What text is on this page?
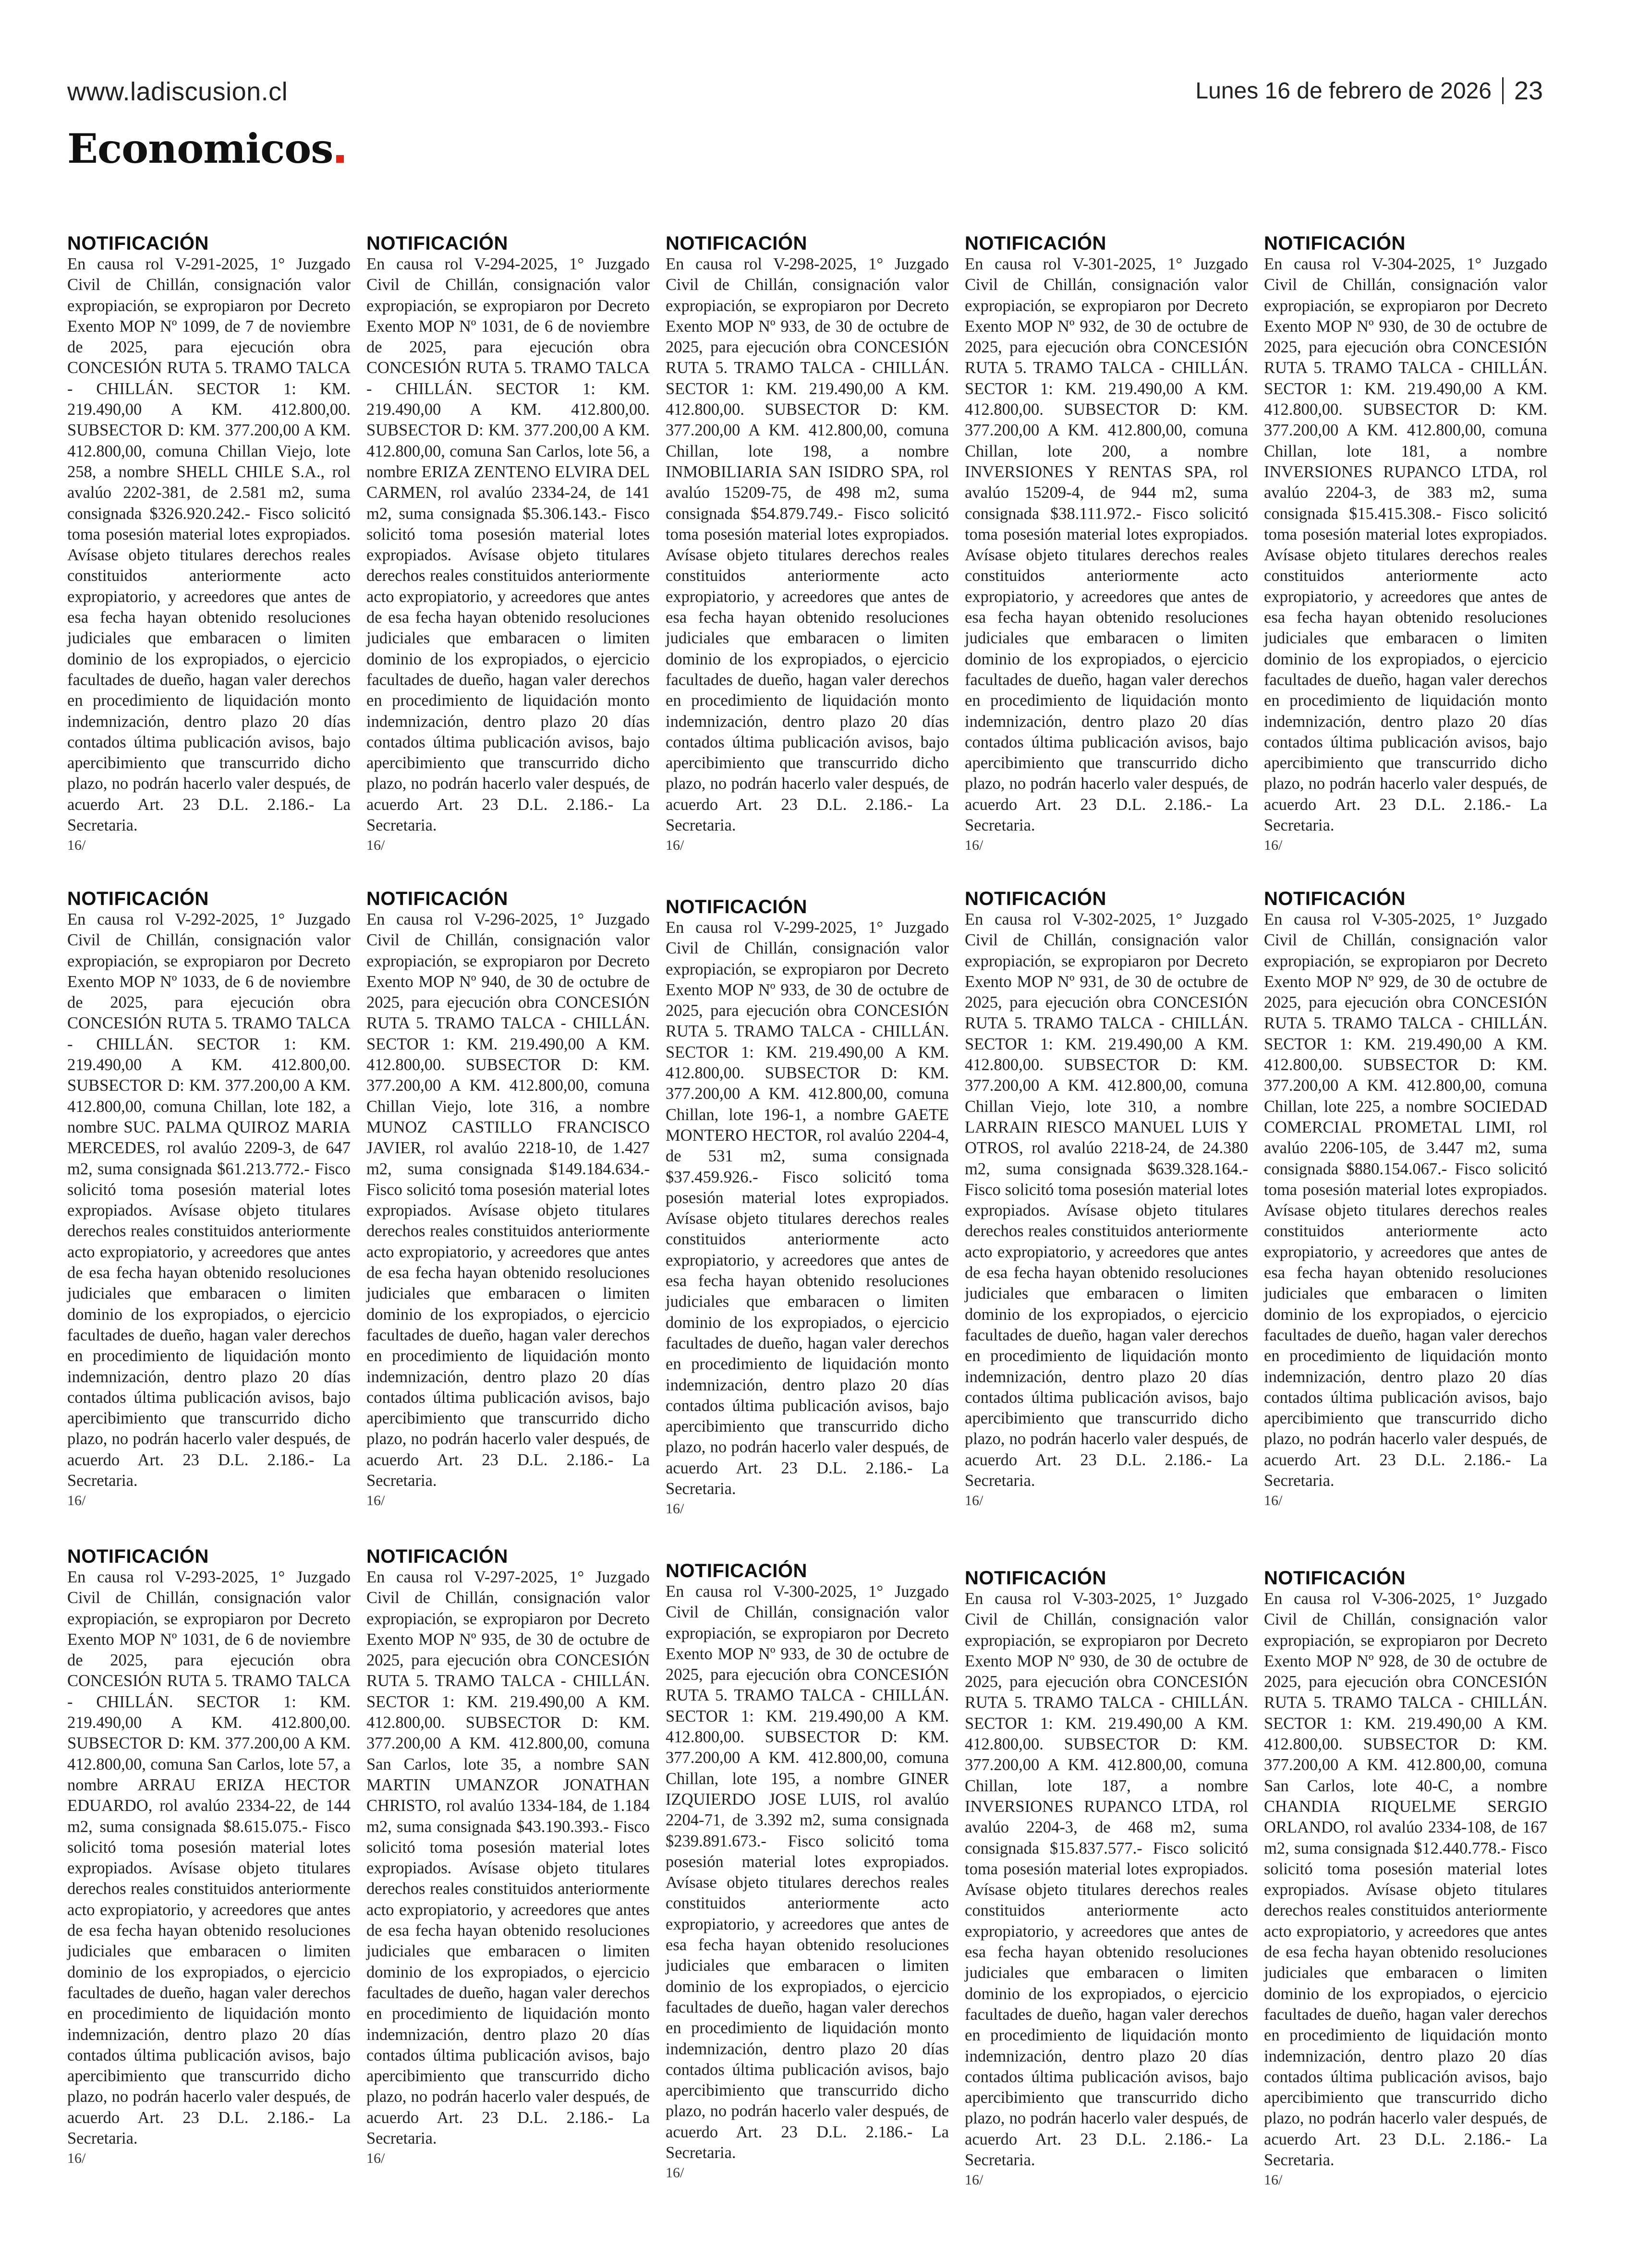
www.ladiscusion.cl	Lunes 16 de febrero de 2026 23
Economicos
NOTIFICACIÓN

En causa rol V-291-2025, 1° Juzgado Civil de Chillán, consignación valor expropiación, se expropiaron por Decreto Exento MOP Nº 1099, de 7 de noviembre de 2025, para ejecución obra CONCESIÓN RUTA 5. TRAMO TALCA - CHILLÁN. SECTOR 1: KM. 219.490,00 A KM. 412.800,00. SUBSECTOR D: KM. 377.200,00 A KM. 412.800,00, comuna Chillan Viejo, lote 258, a nombre SHELL CHILE S.A., rol avalúo 2202-381, de 2.581 m2, suma consignada $326.920.242.- Fisco solicitó toma posesión material lotes expropiados. Avísase objeto titulares derechos reales constituidos anteriormente acto expropiatorio, y acreedores que antes de esa fecha hayan obtenido resoluciones judiciales que embaracen o limiten dominio de los expropiados, o ejercicio facultades de dueño, hagan valer derechos en procedimiento de liquidación monto indemnización, dentro plazo 20 días contados última publicación avisos, bajo apercibimiento que transcurrido dicho plazo, no podrán hacerlo valer después, de acuerdo Art. 23 D.L. 2.186.- La Secretaria.

16/
NOTIFICACIÓN

En causa rol V-294-2025, 1° Juzgado Civil de Chillán, consignación valor expropiación, se expropiaron por Decreto Exento MOP Nº 1031, de 6 de noviembre de 2025, para ejecución obra CONCESIÓN RUTA 5. TRAMO TALCA - CHILLÁN. SECTOR 1: KM. 219.490,00 A KM. 412.800,00. SUBSECTOR D: KM. 377.200,00 A KM. 412.800,00, comuna San Carlos, lote 56, a nombre ERIZA ZENTENO ELVIRA DEL CARMEN, rol avalúo 2334-24, de 141 m2, suma consignada $5.306.143.- Fisco solicitó toma posesión material lotes expropiados. Avísase objeto titulares derechos reales constituidos anteriormente acto expropiatorio, y acreedores que antes de esa fecha hayan obtenido resoluciones judiciales que embaracen o limiten dominio de los expropiados, o ejercicio facultades de dueño, hagan valer derechos en procedimiento de liquidación monto indemnización, dentro plazo 20 días contados última publicación avisos, bajo apercibimiento que transcurrido dicho plazo, no podrán hacerlo valer después, de acuerdo Art. 23 D.L. 2.186.- La Secretaria.

16/
NOTIFICACIÓN

En causa rol V-298-2025, 1° Juzgado Civil de Chillán, consignación valor expropiación, se expropiaron por Decreto Exento MOP Nº 933, de 30 de octubre de 2025, para ejecución obra CONCESIÓN RUTA 5. TRAMO TALCA - CHILLÁN. SECTOR 1: KM. 219.490,00 A KM. 412.800,00. SUBSECTOR D: KM. 377.200,00 A KM. 412.800,00, comuna Chillan, lote 198, a nombre INMOBILIARIA SAN ISIDRO SPA, rol avalúo 15209-75, de 498 m2, suma consignada $54.879.749.- Fisco solicitó toma posesión material lotes expropiados. Avísase objeto titulares derechos reales constituidos anteriormente acto expropiatorio, y acreedores que antes de esa fecha hayan obtenido resoluciones judiciales que embaracen o limiten dominio de los expropiados, o ejercicio facultades de dueño, hagan valer derechos en procedimiento de liquidación monto indemnización, dentro plazo 20 días contados última publicación avisos, bajo apercibimiento que transcurrido dicho plazo, no podrán hacerlo valer después, de acuerdo Art. 23 D.L. 2.186.- La Secretaria.

16/
NOTIFICACIÓN

En causa rol V-301-2025, 1° Juzgado Civil de Chillán, consignación valor expropiación, se expropiaron por Decreto Exento MOP Nº 932, de 30 de octubre de 2025, para ejecución obra CONCESIÓN RUTA 5. TRAMO TALCA - CHILLÁN. SECTOR 1: KM. 219.490,00 A KM. 412.800,00. SUBSECTOR D: KM. 377.200,00 A KM. 412.800,00, comuna Chillan, lote 200, a nombre INVERSIONES Y RENTAS SPA, rol avalúo 15209-4, de 944 m2, suma consignada $38.111.972.- Fisco solicitó toma posesión material lotes expropiados. Avísase objeto titulares derechos reales constituidos anteriormente acto expropiatorio, y acreedores que antes de esa fecha hayan obtenido resoluciones judiciales que embaracen o limiten dominio de los expropiados, o ejercicio facultades de dueño, hagan valer derechos en procedimiento de liquidación monto indemnización, dentro plazo 20 días contados última publicación avisos, bajo apercibimiento que transcurrido dicho plazo, no podrán hacerlo valer después, de acuerdo Art. 23 D.L. 2.186.- La Secretaria.

16/
NOTIFICACIÓN

En causa rol V-304-2025, 1° Juzgado Civil de Chillán, consignación valor expropiación, se expropiaron por Decreto Exento MOP Nº 930, de 30 de octubre de 2025, para ejecución obra CONCESIÓN RUTA 5. TRAMO TALCA - CHILLÁN. SECTOR 1: KM. 219.490,00 A KM. 412.800,00. SUBSECTOR D: KM. 377.200,00 A KM. 412.800,00, comuna Chillan, lote 181, a nombre INVERSIONES RUPANCO LTDA, rol avalúo 2204-3, de 383 m2, suma consignada $15.415.308.- Fisco solicitó toma posesión material lotes expropiados. Avísase objeto titulares derechos reales constituidos anteriormente acto expropiatorio, y acreedores que antes de esa fecha hayan obtenido resoluciones judiciales que embaracen o limiten dominio de los expropiados, o ejercicio facultades de dueño, hagan valer derechos en procedimiento de liquidación monto indemnización, dentro plazo 20 días contados última publicación avisos, bajo apercibimiento que transcurrido dicho plazo, no podrán hacerlo valer después, de acuerdo Art. 23 D.L. 2.186.- La Secretaria.

16/
NOTIFICACIÓN

En causa rol V-292-2025, 1° Juzgado Civil de Chillán, consignación valor expropiación, se expropiaron por Decreto Exento MOP Nº 1033, de 6 de noviembre de 2025, para ejecución obra CONCESIÓN RUTA 5. TRAMO TALCA - CHILLÁN. SECTOR 1: KM. 219.490,00 A KM. 412.800,00. SUBSECTOR D: KM. 377.200,00 A KM. 412.800,00, comuna Chillan, lote 182, a nombre SUC. PALMA QUIROZ MARIA MERCEDES, rol avalúo 2209-3, de 647 m2, suma consignada $61.213.772.- Fisco solicitó toma posesión material lotes expropiados. Avísase objeto titulares derechos reales constituidos anteriormente acto expropiatorio, y acreedores que antes de esa fecha hayan obtenido resoluciones judiciales que embaracen o limiten dominio de los expropiados, o ejercicio facultades de dueño, hagan valer derechos en procedimiento de liquidación monto indemnización, dentro plazo 20 días contados última publicación avisos, bajo apercibimiento que transcurrido dicho plazo, no podrán hacerlo valer después, de acuerdo Art. 23 D.L. 2.186.- La Secretaria.

16/
NOTIFICACIÓN

En causa rol V-296-2025, 1° Juzgado Civil de Chillán, consignación valor expropiación, se expropiaron por Decreto Exento MOP Nº 940, de 30 de octubre de 2025, para ejecución obra CONCESIÓN RUTA 5. TRAMO TALCA - CHILLÁN. SECTOR 1: KM. 219.490,00 A KM. 412.800,00. SUBSECTOR D: KM. 377.200,00 A KM. 412.800,00, comuna Chillan Viejo, lote 316, a nombre MUNOZ CASTILLO FRANCISCO JAVIER, rol avalúo 2218-10, de 1.427 m2, suma consignada $149.184.634.- Fisco solicitó toma posesión material lotes expropiados. Avísase objeto titulares derechos reales constituidos anteriormente acto expropiatorio, y acreedores que antes de esa fecha hayan obtenido resoluciones judiciales que embaracen o limiten dominio de los expropiados, o ejercicio facultades de dueño, hagan valer derechos en procedimiento de liquidación monto indemnización, dentro plazo 20 días contados última publicación avisos, bajo apercibimiento que transcurrido dicho plazo, no podrán hacerlo valer después, de acuerdo Art. 23 D.L. 2.186.- La Secretaria.

16/
NOTIFICACIÓN

En causa rol V-299-2025, 1° Juzgado Civil de Chillán, consignación valor expropiación, se expropiaron por Decreto Exento MOP Nº 933, de 30 de octubre de 2025, para ejecución obra CONCESIÓN RUTA 5. TRAMO TALCA - CHILLÁN. SECTOR 1: KM. 219.490,00 A KM. 412.800,00. SUBSECTOR D: KM. 377.200,00 A KM. 412.800,00, comuna Chillan, lote 196-1, a nombre GAETE MONTERO HECTOR, rol avalúo 2204-4, de 531 m2, suma consignada $37.459.926.- Fisco solicitó toma posesión material lotes expropiados. Avísase objeto titulares derechos reales constituidos anteriormente acto expropiatorio, y acreedores que antes de esa fecha hayan obtenido resoluciones judiciales que embaracen o limiten dominio de los expropiados, o ejercicio facultades de dueño, hagan valer derechos en procedimiento de liquidación monto indemnización, dentro plazo 20 días contados última publicación avisos, bajo apercibimiento que transcurrido dicho plazo, no podrán hacerlo valer después, de acuerdo Art. 23 D.L. 2.186.- La Secretaria.

16/
NOTIFICACIÓN

En causa rol V-302-2025, 1° Juzgado Civil de Chillán, consignación valor expropiación, se expropiaron por Decreto Exento MOP Nº 931, de 30 de octubre de 2025, para ejecución obra CONCESIÓN RUTA 5. TRAMO TALCA - CHILLÁN. SECTOR 1: KM. 219.490,00 A KM. 412.800,00. SUBSECTOR D: KM. 377.200,00 A KM. 412.800,00, comuna Chillan Viejo, lote 310, a nombre LARRAIN RIESCO MANUEL LUIS Y OTROS, rol avalúo 2218-24, de 24.380 m2, suma consignada $639.328.164.- Fisco solicitó toma posesión material lotes expropiados. Avísase objeto titulares derechos reales constituidos anteriormente acto expropiatorio, y acreedores que antes de esa fecha hayan obtenido resoluciones judiciales que embaracen o limiten dominio de los expropiados, o ejercicio facultades de dueño, hagan valer derechos en procedimiento de liquidación monto indemnización, dentro plazo 20 días contados última publicación avisos, bajo apercibimiento que transcurrido dicho plazo, no podrán hacerlo valer después, de acuerdo Art. 23 D.L. 2.186.- La Secretaria.

16/
NOTIFICACIÓN

En causa rol V-305-2025, 1° Juzgado Civil de Chillán, consignación valor expropiación, se expropiaron por Decreto Exento MOP Nº 929, de 30 de octubre de 2025, para ejecución obra CONCESIÓN RUTA 5. TRAMO TALCA - CHILLÁN. SECTOR 1: KM. 219.490,00 A KM. 412.800,00. SUBSECTOR D: KM. 377.200,00 A KM. 412.800,00, comuna Chillan, lote 225, a nombre SOCIEDAD COMERCIAL PROMETAL LIMI, rol avalúo 2206-105, de 3.447 m2, suma consignada $880.154.067.- Fisco solicitó toma posesión material lotes expropiados. Avísase objeto titulares derechos reales constituidos anteriormente acto expropiatorio, y acreedores que antes de esa fecha hayan obtenido resoluciones judiciales que embaracen o limiten dominio de los expropiados, o ejercicio facultades de dueño, hagan valer derechos en procedimiento de liquidación monto indemnización, dentro plazo 20 días contados última publicación avisos, bajo apercibimiento que transcurrido dicho plazo, no podrán hacerlo valer después, de acuerdo Art. 23 D.L. 2.186.- La Secretaria.

16/
NOTIFICACIÓN

En causa rol V-293-2025, 1° Juzgado Civil de Chillán, consignación valor expropiación, se expropiaron por Decreto Exento MOP Nº 1031, de 6 de noviembre de 2025, para ejecución obra CONCESIÓN RUTA 5. TRAMO TALCA - CHILLÁN. SECTOR 1: KM. 219.490,00 A KM. 412.800,00. SUBSECTOR D: KM. 377.200,00 A KM. 412.800,00, comuna San Carlos, lote 57, a nombre ARRAU ERIZA HECTOR EDUARDO, rol avalúo 2334-22, de 144 m2, suma consignada $8.615.075.- Fisco solicitó toma posesión material lotes expropiados. Avísase objeto titulares derechos reales constituidos anteriormente acto expropiatorio, y acreedores que antes de esa fecha hayan obtenido resoluciones judiciales que embaracen o limiten dominio de los expropiados, o ejercicio facultades de dueño, hagan valer derechos en procedimiento de liquidación monto indemnización, dentro plazo 20 días contados última publicación avisos, bajo apercibimiento que transcurrido dicho plazo, no podrán hacerlo valer después, de acuerdo Art. 23 D.L. 2.186.- La Secretaria.

16/
NOTIFICACIÓN

En causa rol V-297-2025, 1° Juzgado Civil de Chillán, consignación valor expropiación, se expropiaron por Decreto Exento MOP Nº 935, de 30 de octubre de 2025, para ejecución obra CONCESIÓN RUTA 5. TRAMO TALCA - CHILLÁN. SECTOR 1: KM. 219.490,00 A KM. 412.800,00. SUBSECTOR D: KM. 377.200,00 A KM. 412.800,00, comuna San Carlos, lote 35, a nombre SAN MARTIN UMANZOR JONATHAN CHRISTO, rol avalúo 1334-184, de 1.184 m2, suma consignada $43.190.393.- Fisco solicitó toma posesión material lotes expropiados. Avísase objeto titulares derechos reales constituidos anteriormente acto expropiatorio, y acreedores que antes de esa fecha hayan obtenido resoluciones judiciales que embaracen o limiten dominio de los expropiados, o ejercicio facultades de dueño, hagan valer derechos en procedimiento de liquidación monto indemnización, dentro plazo 20 días contados última publicación avisos, bajo apercibimiento que transcurrido dicho plazo, no podrán hacerlo valer después, de acuerdo Art. 23 D.L. 2.186.- La Secretaria.

16/
NOTIFICACIÓN

En causa rol V-300-2025, 1° Juzgado Civil de Chillán, consignación valor expropiación, se expropiaron por Decreto Exento MOP Nº 933, de 30 de octubre de 2025, para ejecución obra CONCESIÓN RUTA 5. TRAMO TALCA - CHILLÁN. SECTOR 1: KM. 219.490,00 A KM. 412.800,00. SUBSECTOR D: KM. 377.200,00 A KM. 412.800,00, comuna Chillan, lote 195, a nombre GINER IZQUIERDO JOSE LUIS, rol avalúo 2204-71, de 3.392 m2, suma consignada $239.891.673.- Fisco solicitó toma posesión material lotes expropiados. Avísase objeto titulares derechos reales constituidos anteriormente acto expropiatorio, y acreedores que antes de esa fecha hayan obtenido resoluciones judiciales que embaracen o limiten dominio de los expropiados, o ejercicio facultades de dueño, hagan valer derechos en procedimiento de liquidación monto indemnización, dentro plazo 20 días contados última publicación avisos, bajo apercibimiento que transcurrido dicho plazo, no podrán hacerlo valer después, de acuerdo Art. 23 D.L. 2.186.- La Secretaria.

16/
NOTIFICACIÓN

En causa rol V-303-2025, 1° Juzgado Civil de Chillán, consignación valor expropiación, se expropiaron por Decreto Exento MOP Nº 930, de 30 de octubre de 2025, para ejecución obra CONCESIÓN RUTA 5. TRAMO TALCA - CHILLÁN. SECTOR 1: KM. 219.490,00 A KM. 412.800,00. SUBSECTOR D: KM. 377.200,00 A KM. 412.800,00, comuna Chillan, lote 187, a nombre INVERSIONES RUPANCO LTDA, rol avalúo 2204-3, de 468 m2, suma consignada $15.837.577.- Fisco solicitó toma posesión material lotes expropiados. Avísase objeto titulares derechos reales constituidos anteriormente acto expropiatorio, y acreedores que antes de esa fecha hayan obtenido resoluciones judiciales que embaracen o limiten dominio de los expropiados, o ejercicio facultades de dueño, hagan valer derechos en procedimiento de liquidación monto indemnización, dentro plazo 20 días contados última publicación avisos, bajo apercibimiento que transcurrido dicho plazo, no podrán hacerlo valer después, de acuerdo Art. 23 D.L. 2.186.- La Secretaria.

16/
NOTIFICACIÓN

En causa rol V-306-2025, 1° Juzgado Civil de Chillán, consignación valor expropiación, se expropiaron por Decreto Exento MOP Nº 928, de 30 de octubre de 2025, para ejecución obra CONCESIÓN RUTA 5. TRAMO TALCA - CHILLÁN. SECTOR 1: KM. 219.490,00 A KM. 412.800,00. SUBSECTOR D: KM. 377.200,00 A KM. 412.800,00, comuna San Carlos, lote 40-C, a nombre CHANDIA RIQUELME SERGIO ORLANDO, rol avalúo 2334-108, de 167 m2, suma consignada $12.440.778.- Fisco solicitó toma posesión material lotes expropiados. Avísase objeto titulares derechos reales constituidos anteriormente acto expropiatorio, y acreedores que antes de esa fecha hayan obtenido resoluciones judiciales que embaracen o limiten dominio de los expropiados, o ejercicio facultades de dueño, hagan valer derechos en procedimiento de liquidación monto indemnización, dentro plazo 20 días contados última publicación avisos, bajo apercibimiento que transcurrido dicho plazo, no podrán hacerlo valer después, de acuerdo Art. 23 D.L. 2.186.- La Secretaria.

16/
